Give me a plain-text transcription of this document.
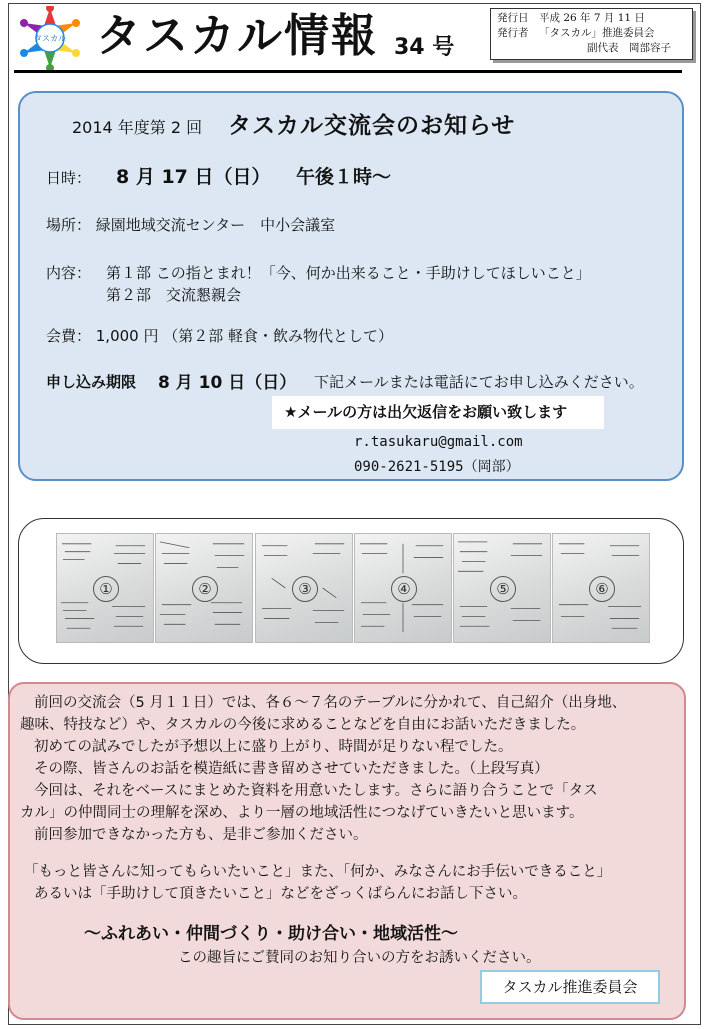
タスカル タスカル情報 34 号
発行日 平成 26 年 7 月 11 日
発行者 「タスカル」推進委員会
副代表　岡部容子
2014 年度第 2 回 タスカル交流会のお知らせ
日時： 8 月 17 日（日） 午後１時～
場所： 緑園地域交流センター　中小会議室
内容： 第１部 この指とまれ！「今、何か出来ること・手助けしてほしいこと」
第２部　交流懇親会
会費： 1,000 円 （第２部 軽食・飲み物代として）
申し込み期限 8 月 10 日（日） 下記メールまたは電話にてお申し込みください。
★メールの方は出欠返信をお願い致します
r.tasukaru@gmail.com
090-2621-5195（岡部）
①	②	③	④	⑤	⑥
前回の交流会（5 月１１日）では、各６～７名のテーブルに分かれて、自己紹介（出身地、
趣味、特技など）や、タスカルの今後に求めることなどを自由にお話いただきました。
初めての試みでしたが予想以上に盛り上がり、時間が足りない程でした。
その際、皆さんのお話を模造紙に書き留めさせていただきました。（上段写真）
今回は、それをベースにまとめた資料を用意いたします。さらに語り合うことで「タス
カル」の仲間同士の理解を深め、より一層の地域活性につなげていきたいと思います。
前回参加できなかった方も、是非ご参加ください。
「もっと皆さんに知ってもらいたいこと」また、「何か、みなさんにお手伝いできること」
あるいは「手助けして頂きたいこと」などをざっくばらんにお話し下さい。
～ふれあい・仲間づくり・助け合い・地域活性～
この趣旨にご賛同のお知り合いの方をお誘いください。
タスカル推進委員会
